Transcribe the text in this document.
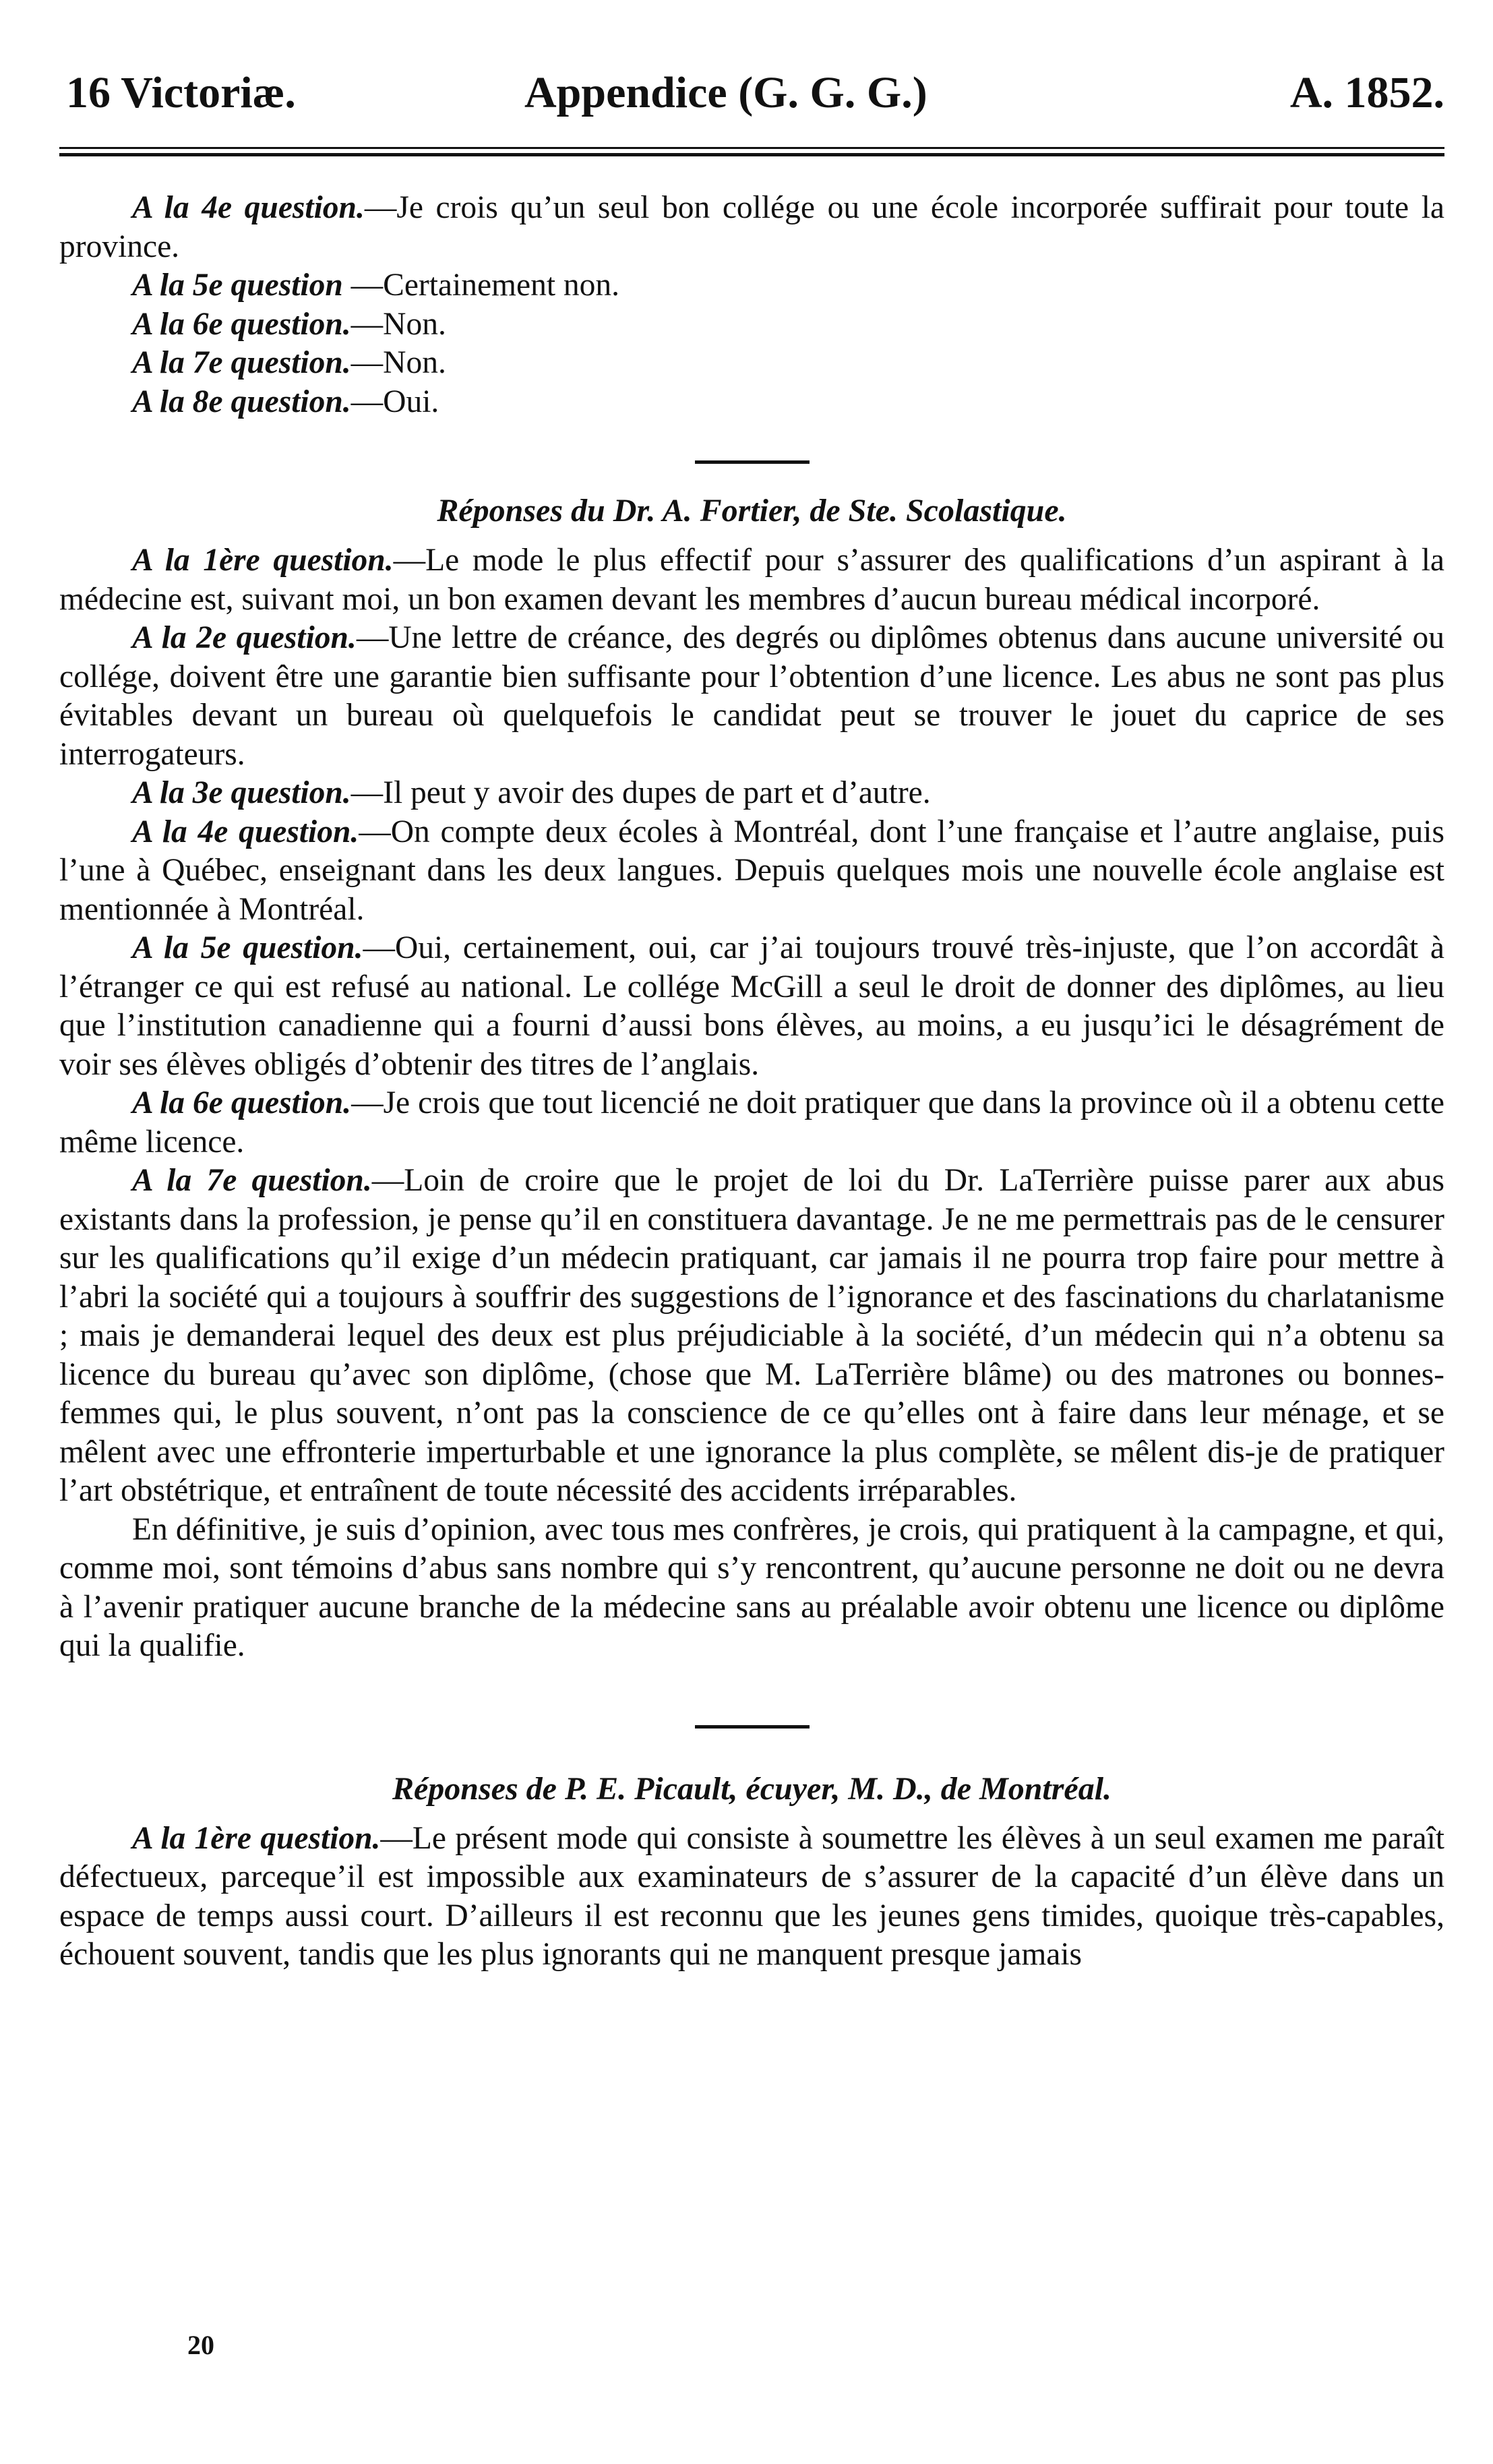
16 Victoriæ.	Appendice (G. G. G.)	A. 1852.

A la 4e question.—Je crois qu’un seul bon collége ou une école incorporée suffirait pour toute la province.

A la 5e question —Certainement non.

A la 6e question.—Non.

A la 7e question.—Non.

A la 8e question.—Oui.

Réponses du Dr. A. Fortier, de Ste. Scolastique.

A la 1ère question.—Le mode le plus effectif pour s’assurer des qualifications d’un aspirant à la médecine est, suivant moi, un bon examen devant les membres d’aucun bureau médical incorporé.

A la 2e question.—Une lettre de créance, des degrés ou diplômes obtenus dans aucune université ou collége, doivent être une garantie bien suffisante pour l’obtention d’une licence. Les abus ne sont pas plus évitables devant un bureau où quelquefois le candidat peut se trouver le jouet du caprice de ses interrogateurs.

A la 3e question.—Il peut y avoir des dupes de part et d’autre.

A la 4e question.—On compte deux écoles à Montréal, dont l’une française et l’autre anglaise, puis l’une à Québec, enseignant dans les deux langues. Depuis quelques mois une nouvelle école anglaise est mentionnée à Montréal.

A la 5e question.—Oui, certainement, oui, car j’ai toujours trouvé très-injuste, que l’on accordât à l’étranger ce qui est refusé au national. Le collége McGill a seul le droit de donner des diplômes, au lieu que l’institution canadienne qui a fourni d’aussi bons élèves, au moins, a eu jusqu’ici le désagrément de voir ses élèves obligés d’obtenir des titres de l’anglais.

A la 6e question.—Je crois que tout licencié ne doit pratiquer que dans la province où il a obtenu cette même licence.

A la 7e question.—Loin de croire que le projet de loi du Dr. LaTerrière puisse parer aux abus existants dans la profession, je pense qu’il en constituera davantage. Je ne me permettrais pas de le censurer sur les qualifications qu’il exige d’un médecin pratiquant, car jamais il ne pourra trop faire pour mettre à l’abri la société qui a toujours à souffrir des suggestions de l’ignorance et des fascinations du charlatanisme ; mais je demanderai lequel des deux est plus préjudiciable à la société, d’un médecin qui n’a obtenu sa licence du bureau qu’avec son diplôme, (chose que M. LaTerrière blâme) ou des matrones ou bonnes-femmes qui, le plus souvent, n’ont pas la conscience de ce qu’elles ont à faire dans leur ménage, et se mêlent avec une effronterie imperturbable et une ignorance la plus complète, se mêlent dis-je de pratiquer l’art obstétrique, et entraînent de toute nécessité des accidents irréparables.

En définitive, je suis d’opinion, avec tous mes confrères, je crois, qui pratiquent à la campagne, et qui, comme moi, sont témoins d’abus sans nombre qui s’y rencontrent, qu’aucune personne ne doit ou ne devra à l’avenir pratiquer aucune branche de la médecine sans au préalable avoir obtenu une licence ou diplôme qui la qualifie.

Réponses de P. E. Picault, écuyer, M. D., de Montréal.

A la 1ère question.—Le présent mode qui consiste à soumettre les élèves à un seul examen me paraît défectueux, parceque’il est impossible aux examinateurs de s’assurer de la capacité d’un élève dans un espace de temps aussi court. D’ailleurs il est reconnu que les jeunes gens timides, quoique très-capables, échouent souvent, tandis que les plus ignorants qui ne manquent presque jamais

20
